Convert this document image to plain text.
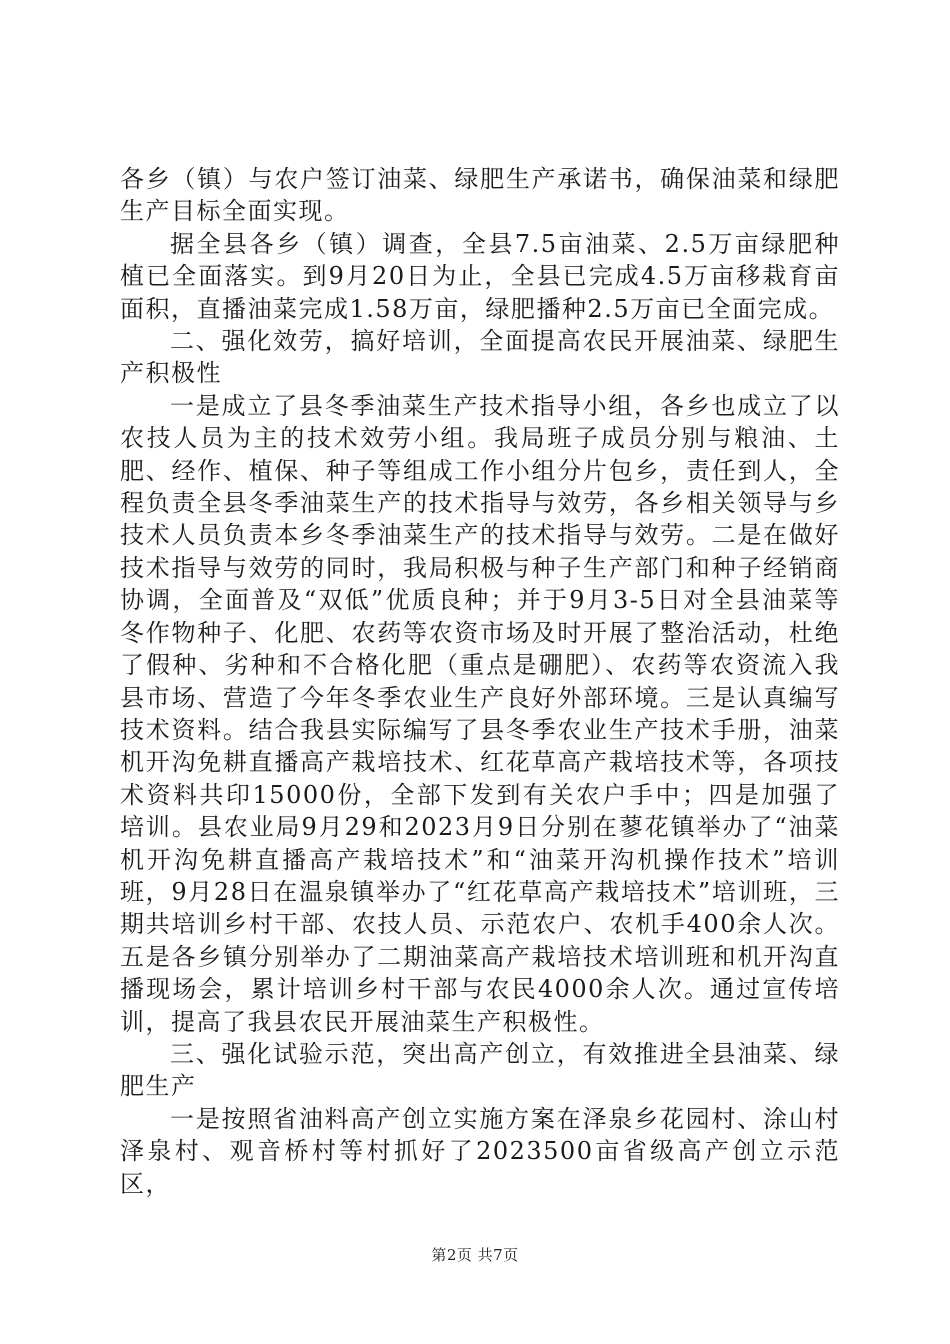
各乡（镇）与农户签订油菜、绿肥生产承诺书，确保油菜和绿肥生产目标全面实现。

据全县各乡（镇）调查，全县7.5亩油菜、2.5万亩绿肥种植已全面落实。到9月20日为止，全县已完成4.5万亩移栽育亩面积，直播油菜完成1.58万亩，绿肥播种2.5万亩已全面完成。

二、强化效劳，搞好培训，全面提高农民开展油菜、绿肥生产积极性

一是成立了县冬季油菜生产技术指导小组，各乡也成立了以农技人员为主的技术效劳小组。我局班子成员分别与粮油、土肥、经作、植保、种子等组成工作小组分片包乡，责任到人，全程负责全县冬季油菜生产的技术指导与效劳，各乡相关领导与乡技术人员负责本乡冬季油菜生产的技术指导与效劳。二是在做好技术指导与效劳的同时，我局积极与种子生产部门和种子经销商协调，全面普及“双低”优质良种；并于9月3-5日对全县油菜等冬作物种子、化肥、农药等农资市场及时开展了整治活动，杜绝了假种、劣种和不合格化肥（重点是硼肥）、农药等农资流入我县市场、营造了今年冬季农业生产良好外部环境。三是认真编写技术资料。结合我县实际编写了县冬季农业生产技术手册，油菜机开沟免耕直播高产栽培技术、红花草高产栽培技术等，各项技术资料共印15000份，全部下发到有关农户手中；四是加强了培训。县农业局9月29和2023月9日分别在蓼花镇举办了“油菜机开沟免耕直播高产栽培技术”和“油菜开沟机操作技术”培训班，9月28日在温泉镇举办了“红花草高产栽培技术”培训班，三期共培训乡村干部、农技人员、示范农户、农机手400余人次。五是各乡镇分别举办了二期油菜高产栽培技术培训班和机开沟直播现场会，累计培训乡村干部与农民4000余人次。通过宣传培训，提高了我县农民开展油菜生产积极性。

三、强化试验示范，突出高产创立，有效推进全县油菜、绿肥生产

一是按照省油料高产创立实施方案在泽泉乡花园村、涂山村泽泉村、观音桥村等村抓好了2023500亩省级高产创立示范区，

第2页 共7页
